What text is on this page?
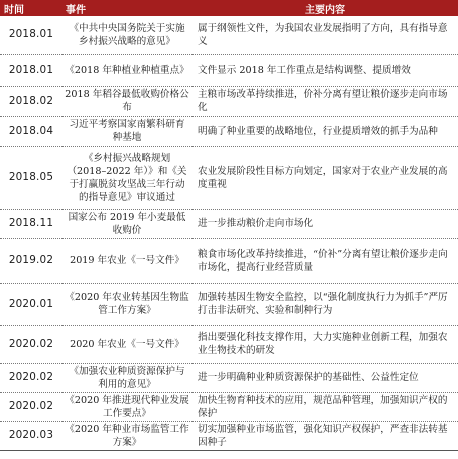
时间	事件	主要内容
2018.01	《中共中央国务院关于实施乡村振兴战略的意见》	属于纲领性文件，为我国农业发展指明了方向，具有指导意义
2018.01	《2018 年种植业种植重点》	文件显示 2018 年工作重点是结构调整、提质增效
2018.02	2018 年稻谷最低收购价格公布	主粮市场改革持续推进，价补分离有望让粮价逐步走向市场化
2018.04	习近平考察国家南繁科研育种基地	明确了种业重要的战略地位，行业提质增效的抓手为品种
2018.05	《乡村振兴战略规划（2018–2022 年）》和《关于打赢脱贫攻坚战三年行动的指导意见》审议通过	农业发展阶段性目标方向划定，国家对于农业产业发展的高度重视
2018.11	国家公布 2019 年小麦最低收购价	进一步推动粮价走向市场化
2019.02	2019 年农业《一号文件》	粮食市场化改革持续推进，“价补”分离有望让粮价逐步走向市场化，提高行业经营质量
2020.01	《2020 年农业转基因生物监管工作方案》	加强转基因生物安全监控，以“强化制度执行力为抓手”严厉打击非法研究、实验和制种行为
2020.02	2020 年农业《一号文件》	指出要强化科技支撑作用，大力实施种业创新工程，加强农业生物技术的研发
2020.02	《加强农业种质资源保护与利用的意见》	进一步明确种业种质资源保护的基础性、公益性定位
2020.02	《2020 年推进现代种业发展工作要点》	加快生物育种技术的应用，规范品种管理，加强知识产权的保护
2020.03	《2020 年种业市场监管工作方案》	切实加强种业市场监管，强化知识产权保护，严查非法转基因种子
